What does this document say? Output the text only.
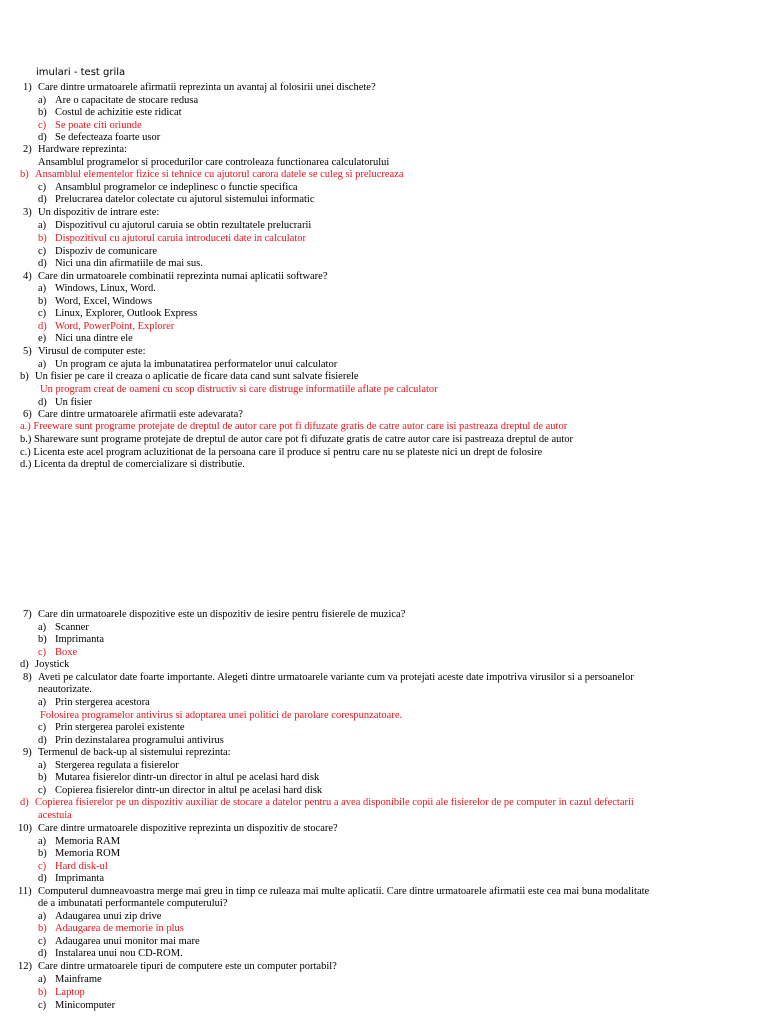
imulari - test grila
1) Care dintre urmatoarele afirmatii reprezinta un avantaj al folosirii unei dischete?
a) Are o capacitate de stocare redusa
b) Costul de achizitie este ridicat
c) Se poate citi oriunde
d) Se defecteaza foarte usor
2) Hardware reprezinta:
Ansamblul programelor si procedurilor care controleaza functionarea calculatorului
b) Ansamblul elementelor fizice si tehnice cu ajutorul carora datele se culeg si prelucreaza
c) Ansamblul programelor ce indeplinesc o functie specifica
d) Prelucrarea datelor colectate cu ajutorul sistemului informatic
3) Un dispozitiv de intrare este:
a) Dispozitivul cu ajutorul caruia se obtin rezultatele prelucrarii
b) Dispozitivul cu ajutorul caruia introduceti date in calculator
c) Dispoziv de comunicare
d) Nici una din afirmatiile de mai sus.
4) Care din urmatoarele combinatii reprezinta numai aplicatii software?
a) Windows, Linux, Word.
b) Word, Excel, Windows
c) Linux, Explorer, Outlook Express
d) Word, PowerPoint, Explorer
e) Nici una dintre ele
5) Virusul de computer este:
a) Un program ce ajuta la imbunatatirea performatelor unui calculator
b) Un fisier pe care il creaza o aplicatie de ficare data cand sunt salvate fisierele
Un program creat de oameni cu scop distructiv si care distruge informatiile aflate pe calculator
d) Un fisier
6) Care dintre urmatoarele afirmatii este adevarata?
a.) Freeware sunt programe protejate de dreptul de autor care pot fi difuzate gratis de catre autor care isi pastreaza dreptul de autor
b.) Shareware sunt programe protejate de dreptul de autor care pot fi difuzate gratis de catre autor care isi pastreaza dreptul de autor
c.) Licenta este acel program acluzitionat de la persoana care il produce si pentru care nu se plateste nici un drept de folosire
d.) Licenta da dreptul de comercializare si distributie.
7) Care din urmatoarele dispozitive este un dispozitiv de iesire pentru fisierele de muzica?
a) Scanner
b) Imprimanta
c) Boxe
d) Joystick
8) Aveti pe calculator date foarte importante. Alegeti dintre urmatoarele variante cum va protejati aceste date impotriva virusilor si a persoanelor
neautorizate.
a) Prin stergerea acestora
Folosirea programelor antivirus si adoptarea unei politici de parolare corespunzatoare.
c) Prin stergerea parolei existente
d) Prin dezinstalarea programului antivirus
9) Termenul de back-up al sistemului reprezinta:
a) Stergerea regulata a fisierelor
b) Mutarea fisierelor dintr-un director in altul pe acelasi hard disk
c) Copierea fisierelor dintr-un director in altul pe acelasi hard disk
d) Copierea fisierelor pe un dispozitiv auxiliar de stocare a datelor pentru a avea disponibile copii ale fisierelor de pe computer in cazul defectarii
acestuia
10) Care dintre urmatoarele dispozitive reprezinta un dispozitiv de stocare?
a) Memoria RAM
b) Memoria ROM
c) Hard disk-ul
d) Imprimanta
11) Computerul dumneavoastra merge mai greu in timp ce ruleaza mai multe aplicatii. Care dintre urmatoarele afirmatii este cea mai buna modalitate
de a imbunatati performantele computerului?
a) Adaugarea unui zip drive
b) Adaugarea de memorie in plus
c) Adaugarea unui monitor mai mare
d) Instalarea unui nou CD-ROM.
12) Care dintre urmatoarele tipuri de computere este un computer portabil?
a) Mainframe
b) Laptop
c) Minicomputer
